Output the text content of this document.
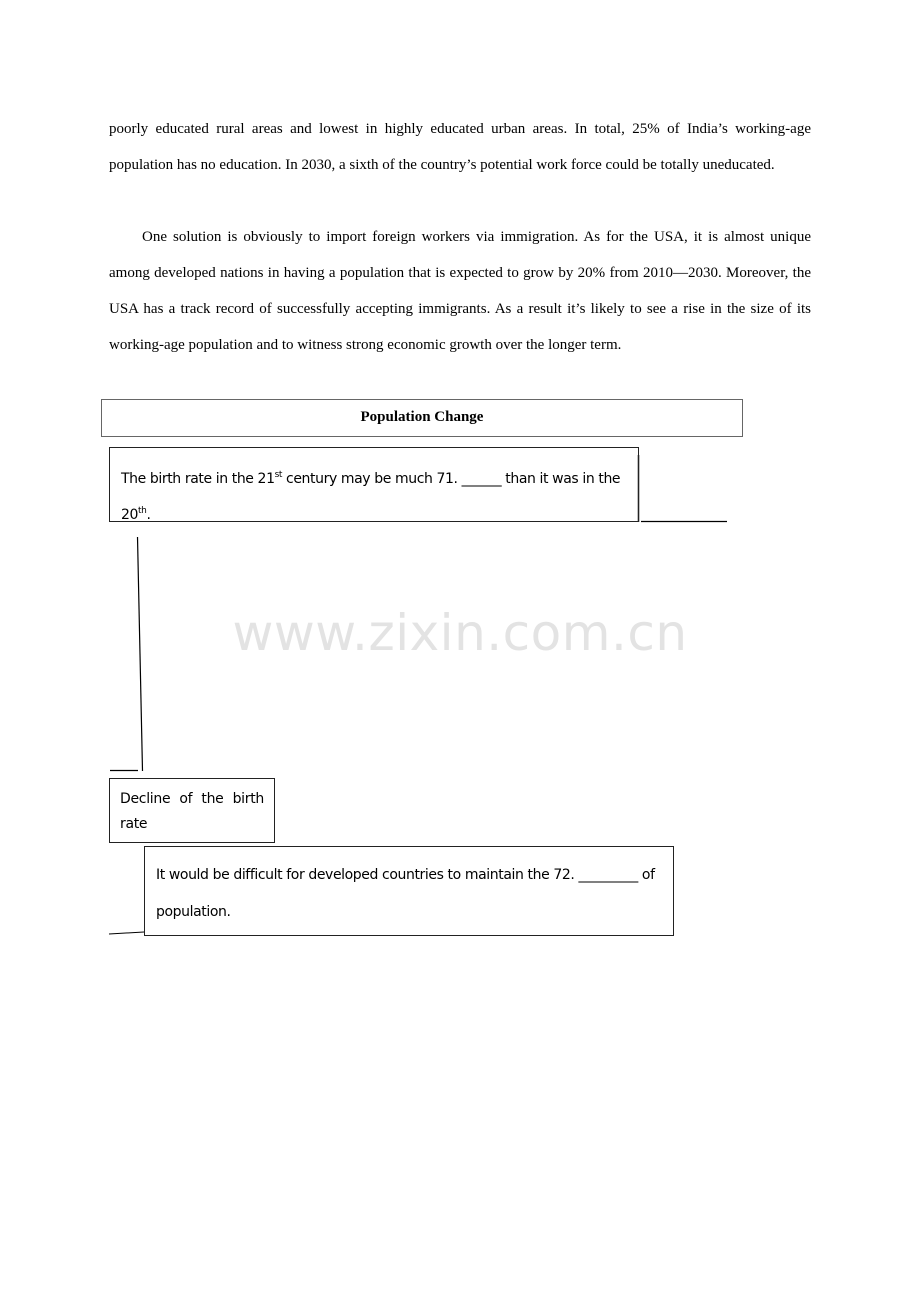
poorly educated rural areas and lowest in highly educated urban areas. In total, 25% of India’s working-age population has no education. In 2030, a sixth of the country’s potential work force could be totally uneducated.

One solution is obviously to import foreign workers via immigration. As for the USA, it is almost unique among developed nations in having a population that is expected to grow by 20% from 2010—2030. Moreover, the USA has a track record of successfully accepting immigrants. As a result it’s likely to see a rise in the size of its working-age population and to witness strong economic growth over the longer term.

www.zixin.com.cn
Population Change
The birth rate in the 21st century may be much 71. ______ than it was in the 20th.
Decline of the birth
rate
It would be difficult for developed countries to maintain the 72. _________ of population.
